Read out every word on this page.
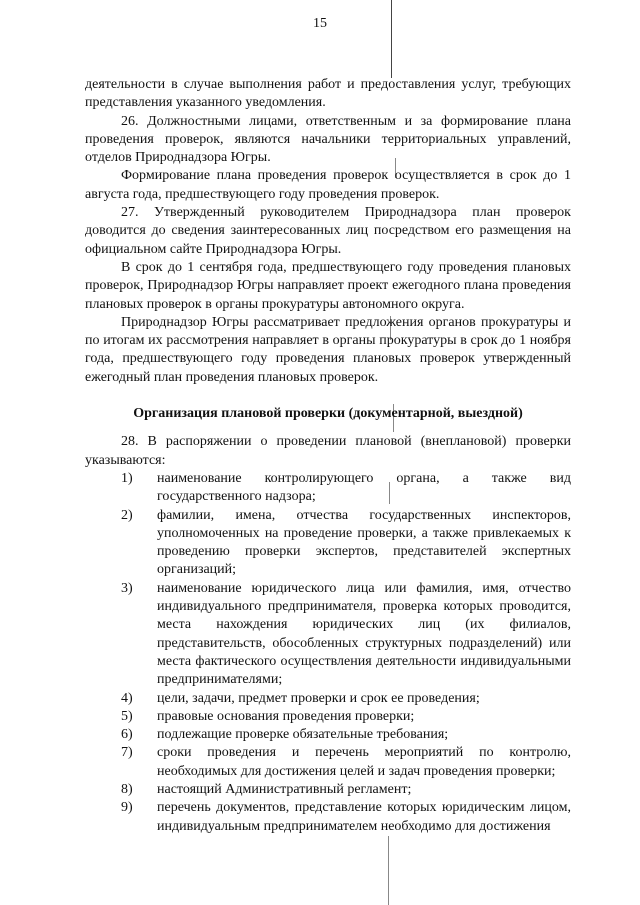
15

деятельности в случае выполнения работ и предоставления услуг, требующих представления указанного уведомления.

26. Должностными лицами, ответственным и за формирование плана проведения проверок, являются начальники территориальных управлений, отделов Природнадзора Югры.

Формирование плана проведения проверок осуществляется в срок до 1 августа года, предшествующего году проведения проверок.

27. Утвержденный руководителем Природнадзора план проверок доводится до сведения заинтересованных лиц посредством его размещения на официальном сайте Природнадзора Югры.

В срок до 1 сентября года, предшествующего году проведения плановых проверок, Природнадзор Югры направляет проект ежегодного плана проведения плановых проверок в органы прокуратуры автономного округа.

Природнадзор Югры рассматривает предложения органов прокуратуры и по итогам их рассмотрения направляет в органы прокуратуры в срок до 1 ноября года, предшествующего году проведения плановых проверок утвержденный ежегодный план проведения плановых проверок.

Организация плановой проверки (документарной, выездной)

28. В распоряжении о проведении плановой (внеплановой) проверки указываются:

1)	наименование контролирующего органа, а также вид государственного надзора;
2)	фамилии, имена, отчества государственных инспекторов, уполномоченных на проведение проверки, а также привлекаемых к проведению проверки экспертов, представителей экспертных организаций;
3)	наименование юридического лица или фамилия, имя, отчество индивидуального предпринимателя, проверка которых проводится, места нахождения юридических лиц (их филиалов, представительств, обособленных структурных подразделений) или места фактического осуществления деятельности индивидуальными предпринимателями;
4)	цели, задачи, предмет проверки и срок ее проведения;
5)	правовые основания проведения проверки;
6)	подлежащие проверке обязательные требования;
7)	сроки проведения и перечень мероприятий по контролю, необходимых для достижения целей и задач проведения проверки;
8)	настоящий Административный регламент;
9)	перечень документов, представление которых юридическим лицом, индивидуальным предпринимателем необходимо для достижения
